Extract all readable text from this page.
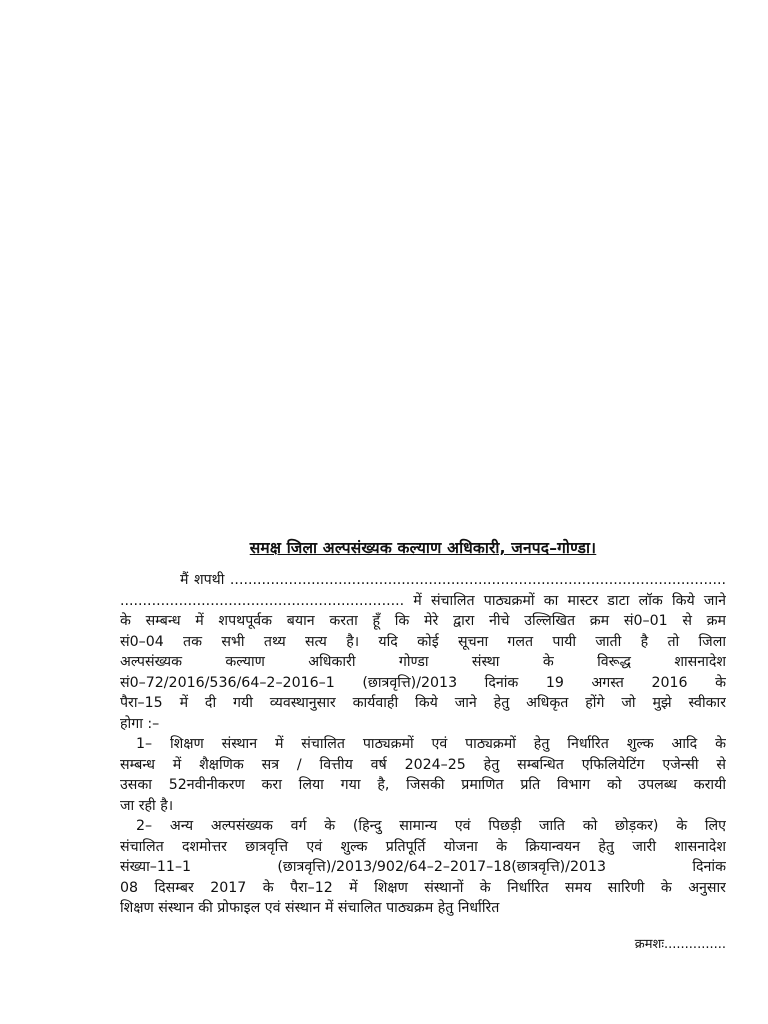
समक्ष जिला अल्पसंख्यक कल्याण अधिकारी, जनपद–गोण्डा।
मैं शपथी ..............................................................................................................
............................................................... में संचालित पाठ्यक्रमों का मास्टर डाटा लॉक किये जाने
के सम्बन्ध में शपथपूर्वक बयान करता हूँ कि मेरे द्वारा नीचे उल्लिखित क्रम सं0–01 से क्रम
सं0–04 तक सभी तथ्य सत्य है। यदि कोई सूचना गलत पायी जाती है तो जिला
अल्पसंख्यक कल्याण अधिकारी गोण्डा संस्था के विरूद्ध शासनादेश
सं0–72/2016/536/64–2–2016–1 (छात्रवृत्ति)/2013 दिनांक 19 अगस्त 2016 के
पैरा–15 में दी गयी व्यवस्थानुसार कार्यवाही किये जाने हेतु अधिकृत होंगे जो मुझे स्वीकार
होगा :–
1– शिक्षण संस्थान में संचालित पाठ्यक्रमों एवं पाठ्यक्रमों हेतु निर्धारित शुल्क आदि के
सम्बन्ध में शैक्षणिक सत्र / वित्तीय वर्ष 2024–25 हेतु सम्बन्धित एफिलियेटिंग एजेन्सी से
उसका 52नवीनीकरण करा लिया गया है, जिसकी प्रमाणित प्रति विभाग को उपलब्ध करायी
जा रही है।
2– अन्य अल्पसंख्यक वर्ग के (हिन्दु सामान्य एवं पिछड़ी जाति को छोड़कर) के लिए
संचालित दशमोत्तर छात्रवृत्ति एवं शुल्क प्रतिपूर्ति योजना के क्रियान्वयन हेतु जारी शासनादेश
संख्या–11–1 (छात्रवृत्ति)/2013/902/64–2–2017–18(छात्रवृत्ति)/2013 दिनांक
08 दिसम्बर 2017 के पैरा–12 में शिक्षण संस्थानों के निर्धारित समय सारिणी के अनुसार
शिक्षण संस्थान की प्रोफाइल एवं संस्थान में संचालित पाठ्यक्रम हेतु निर्धारित
क्रमशः...............
